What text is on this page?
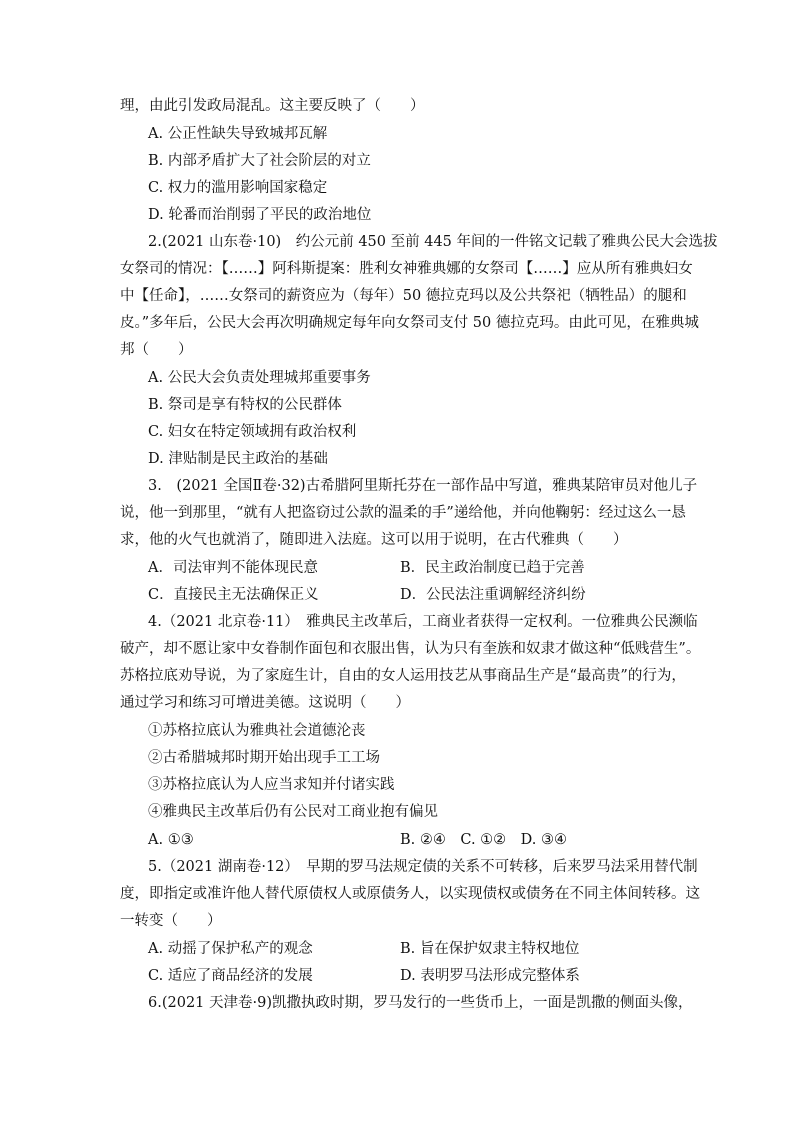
理，由此引发政局混乱。这主要反映了（　　）
A. 公正性缺失导致城邦瓦解
B. 内部矛盾扩大了社会阶层的对立
C. 权力的滥用影响国家稳定
D. 轮番而治削弱了平民的政治地位
2.(2021 山东卷·10)　约公元前 450 至前 445 年间的一件铭文记载了雅典公民大会选拔
女祭司的情况：【……】阿科斯提案：胜利女神雅典娜的女祭司【……】应从所有雅典妇女
中【任命】，……女祭司的薪资应为（每年）50 德拉克玛以及公共祭祀（牺牲品）的腿和
皮。”多年后，公民大会再次明确规定每年向女祭司支付 50 德拉克玛。由此可见，在雅典城
邦（　　）
A. 公民大会负责处理城邦重要事务
B. 祭司是享有特权的公民群体
C. 妇女在特定领域拥有政治权利
D. 津贴制是民主政治的基础
3.　(2021 全国Ⅱ卷·32)古希腊阿里斯托芬在一部作品中写道，雅典某陪审员对他儿子
说，他一到那里，“就有人把盗窃过公款的温柔的手”递给他，并向他鞠躬：经过这么一恳
求，他的火气也就消了，随即进入法庭。这可以用于说明，在古代雅典（　　）
A．司法审判不能体现民意	B．民主政治制度已趋于完善
C．直接民主无法确保正义	D．公民法注重调解经济纠纷
4.（2021 北京卷·11）　雅典民主改革后，工商业者获得一定权利。一位雅典公民濒临
破产，却不愿让家中女眷制作面包和衣服出售，认为只有奎族和奴隶才做这种“低贱营生”。
苏格拉底劝导说，为了家庭生计，自由的女人运用技艺从事商品生产是“最高贵”的行为，
通过学习和练习可增进美德。这说明（　　）
①苏格拉底认为雅典社会道德沦丧
②古希腊城邦时期开始出现手工工场
③苏格拉底认为人应当求知并付诸实践
④雅典民主改革后仍有公民对工商业抱有偏见
A. ①③	B. ②④　C. ①②　D. ③④
5.（2021 湖南卷·12）　早期的罗马法规定债的关系不可转移，后来罗马法采用替代制
度，即指定或准许他人替代原债权人或原债务人，以实现债权或债务在不同主体间转移。这
一转变（　　）
A. 动摇了保护私产的观念	B. 旨在保护奴隶主特权地位
C. 适应了商品经济的发展	D. 表明罗马法形成完整体系
6.(2021 天津卷·9)凯撒执政时期，罗马发行的一些货币上，一面是凯撒的侧面头像，
